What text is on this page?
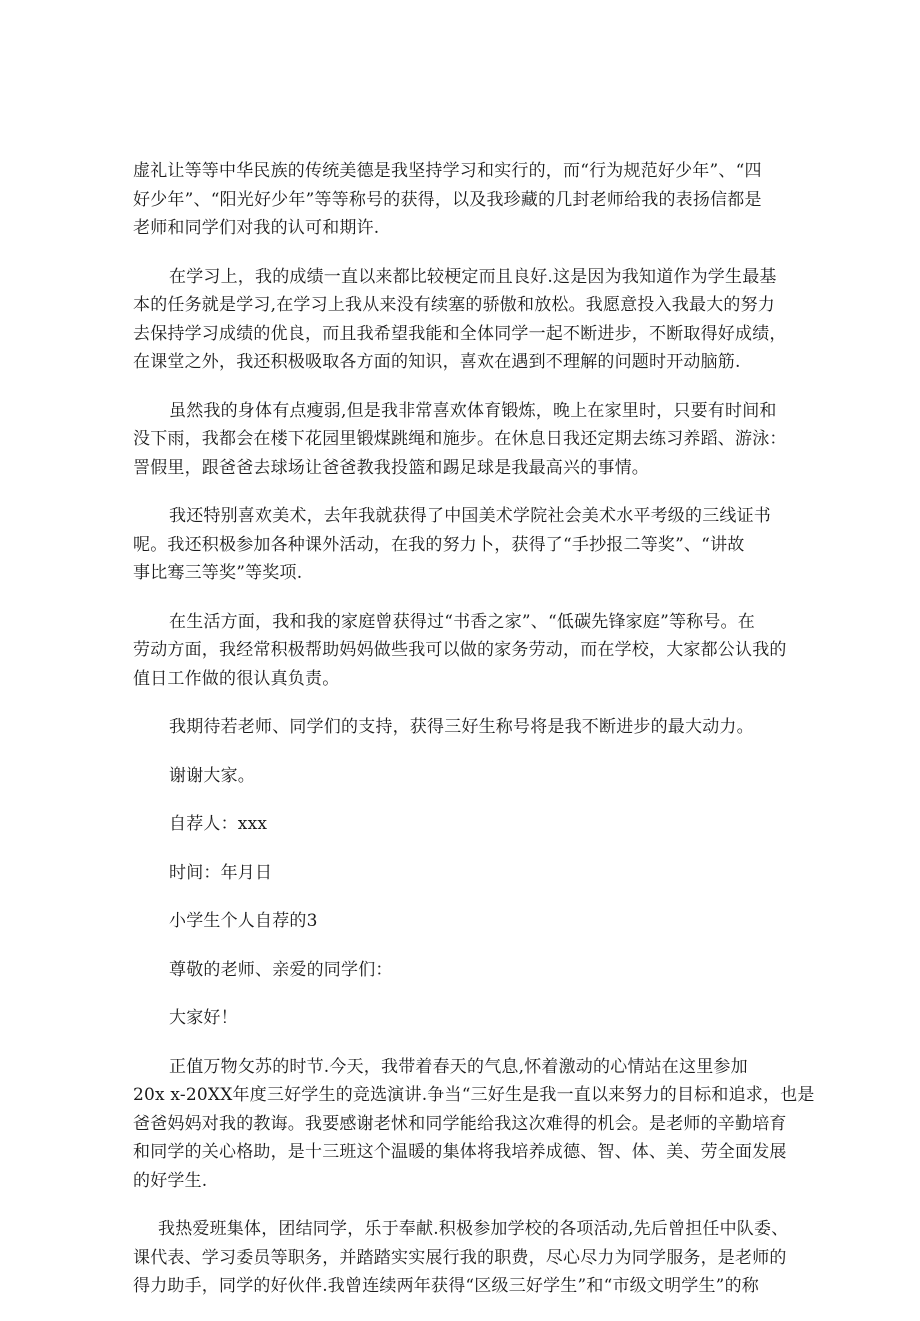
虚礼让等等中华民族的传统美德是我坚持学习和实行的，而“行为规范好少年”、“四
好少年”、“阳光好少年”等等称号的获得，以及我珍藏的几封老师给我的表扬信都是
老师和同学们对我的认可和期许.

在学习上，我的成绩一直以来都比较梗定而且良好.这是因为我知道作为学生最基
本的任务就是学习,在学习上我从来没有续塞的骄傲和放松。我愿意投入我最大的努力
去保持学习成绩的优良，而且我希望我能和全体同学一起不断进步，不断取得好成绩，
在课堂之外，我还积极吸取各方面的知识，喜欢在遇到不理解的问题时开动脑筋.

虽然我的身体有点瘦弱,但是我非常喜欢体育锻炼，晚上在家里时，只要有时间和
没下雨，我都会在楼下花园里锻煤跳绳和施步。在休息日我还定期去练习养蹈、游泳：
詈假里，跟爸爸去球场让爸爸教我投篮和踢足球是我最高兴的事情。

我还特别喜欢美术，去年我就获得了中国美术学院社会美术水平考级的三线证书
呢。我还积极参加各种课外活动，在我的努力卜，获得了“手抄报二等奖”、“讲故
事比骞三等奖”等奖项.

在生活方面，我和我的家庭曾获得过“书香之家”、“低碳先锋家庭”等称号。在
劳动方面，我经常积极帮助妈妈做些我可以做的家务劳动，而在学校，大家都公认我的
值日工作做的很认真负责。

我期待若老师、同学们的支持，获得三好生称号将是我不断进步的最大动力。

谢谢大家。

自荐人：xxx

时间：年月日

小学生个人自荐的3

尊敬的老师、亲爱的同学们：

大家好！

正值万物攵苏的时节.今天，我带着春天的气息,怀着激动的心情站在这里参加
20x x-20XX年度三好学生的竞选演讲.争当“三好生是我一直以来努力的目标和追求，也是
爸爸妈妈对我的教诲。我要感谢老怵和同学能给我这次难得的机会。是老师的辛勤培育
和同学的关心格助，是十三班这个温暖的集体将我培养成德、智、体、美、劳全面发展
的好学生.

我热爱班集体，团结同学，乐于奉献.积极参加学校的各项活动,先后曾担任中队委、
课代表、学习委员等职务，并踏踏实实展行我的职费，尽心尽力为同学服务，是老师的
得力助手，同学的好伙伴.我曾连续两年获得“区级三好学生”和“市级文明学生”的称
